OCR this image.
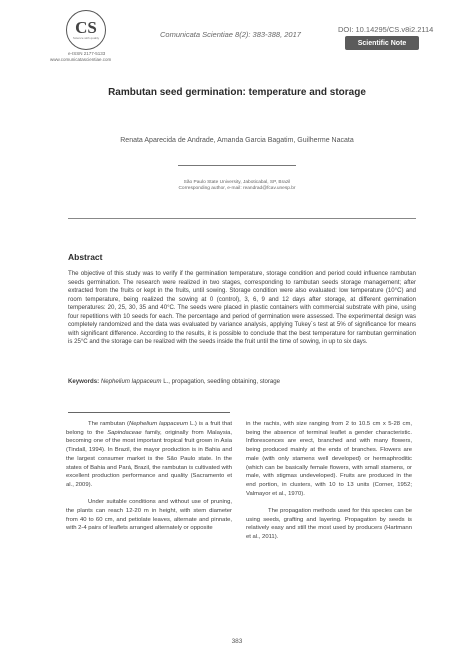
CS
Science with quality
e-ISSN 2177-5133
www.comunicatascientiae.com
Comunicata Scientiae 8(2): 383-388, 2017
DOI: 10.14295/CS.v8i2.2114
Scientific Note
Rambutan seed germination: temperature and storage
Renata Aparecida de Andrade, Amanda Garcia Bagatim, Guilherme Nacata
São Paulo State University, Jaboticabal, SP, Brazil
Corresponding author, e-mail: reandrad@fcav.unesp.br
Abstract
The objective of this study was to verify if the germination temperature, storage condition and period could influence rambutan seeds germination. The research were realized in two stages, corresponding to rambutan seeds storage management; after extracted from the fruits or kept in the fruits, until sowing. Storage condition were also evaluated: low temperature (10°C) and room temperature, being realized the sowing at 0 (control), 3, 6, 9 and 12 days after storage, at different germination temperatures: 20, 25, 30, 35 and 40°C. The seeds were placed in plastic containers with commercial substrate with pine, using four repetitions with 10 seeds for each. The percentage and period of germination were assessed. The experimental design was completely randomized and the data was evaluated by variance analysis, applying Tukey´s test at 5% of significance for means with significant difference. According to the results, it is possible to conclude that the best temperature for rambutan germination is 25°C and the storage can be realized with the seeds inside the fruit until the time of sowing, in up to six days.
Keywords: Nephelium lappaceum L., propagation, seedling obtaining, storage

The rambutan (Nephelium lappaceum L.) is a fruit that belong to the Sapindaceae family, originally from Malaysia, becoming one of the most important tropical fruit grown in Asia (Tindall, 1994). In Brazil, the mayor production is in Bahia and the largest consumer market is the São Paulo state. In the states of Bahia and Pará, Brazil, the rambutan is cultivated with excellent production performance and quality (Sacramento et al., 2009).

Under suitable conditions and without use of pruning, the plants can reach 12-20 m in height, with stem diameter from 40 to 60 cm, and petiolate leaves, alternate and pinnate, with 2-4 pairs of leaflets arranged alternately or opposite

in the rachis, with size ranging from 2 to 10.5 cm x 5-28 cm, being the absence of terminal leaflet a gender characteristic. Inflorescences are erect, branched and with many flowers, being produced mainly at the ends of branches. Flowers are male (with only stamens well developed) or hermaphroditic (which can be basically female flowers, with small stamens, or male, with stigmas undeveloped). Fruits are produced in the end portion, in clusters, with 10 to 13 units (Corner, 1952; Valmayor et al., 1970).

The propagation methods used for this species can be using seeds, grafting and layering. Propagation by seeds is relatively easy and still the most used by producers (Hartmann et al., 2011).

383
